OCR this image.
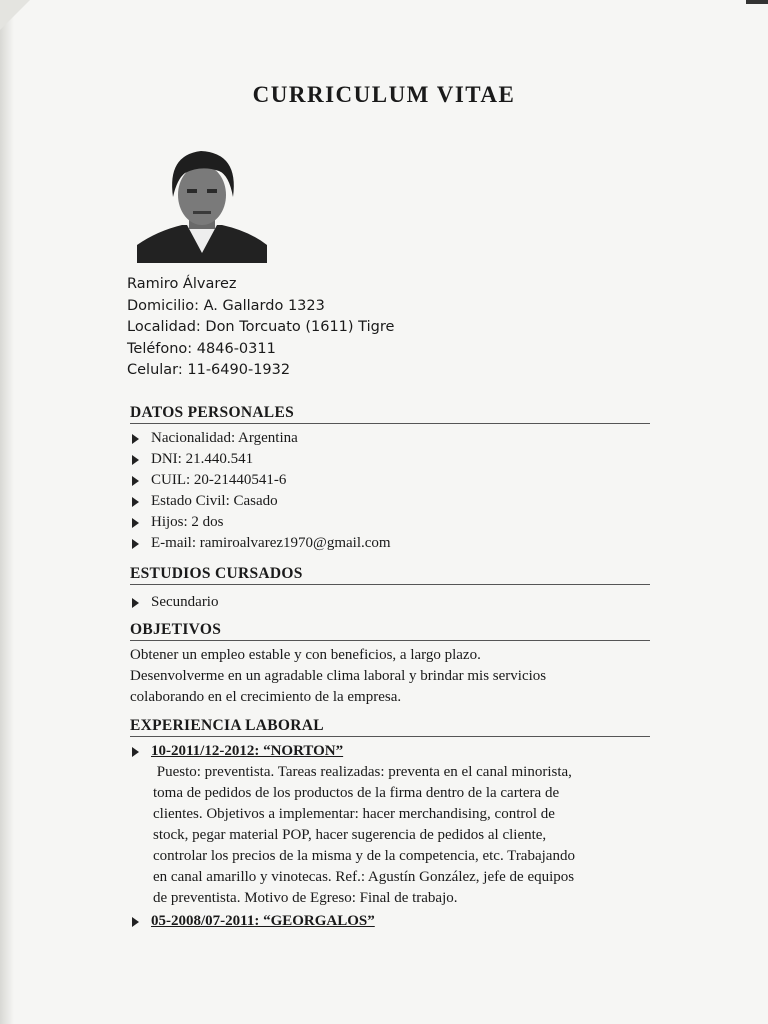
CURRICULUM VITAE
Ramiro Álvarez
Domicilio: A. Gallardo 1323
Localidad: Don Torcuato (1611) Tigre
Teléfono: 4846-0311
Celular: 11-6490-1932
DATOS PERSONALES
Nacionalidad: Argentina
DNI: 21.440.541
CUIL: 20-21440541-6
Estado Civil: Casado
Hijos: 2 dos
E-mail: ramiroalvarez1970@gmail.com
ESTUDIOS CURSADOS
Secundario
OBJETIVOS

Obtener un empleo estable y con beneficios, a largo plazo.

Desenvolverme en un agradable clima laboral y brindar mis servicios

colaborando en el crecimiento de la empresa.

EXPERIENCIA LABORAL
10-2011/12-2012: “NORTON”

Puesto: preventista. Tareas realizadas: preventa en el canal minorista,

toma de pedidos de los productos de la firma dentro de la cartera de

clientes. Objetivos a implementar: hacer merchandising, control de

stock, pegar material POP, hacer sugerencia de pedidos al cliente,

controlar los precios de la misma y de la competencia, etc. Trabajando

en canal amarillo y vinotecas. Ref.: Agustín González, jefe de equipos

de preventista. Motivo de Egreso: Final de trabajo.

05-2008/07-2011: “GEORGALOS”
